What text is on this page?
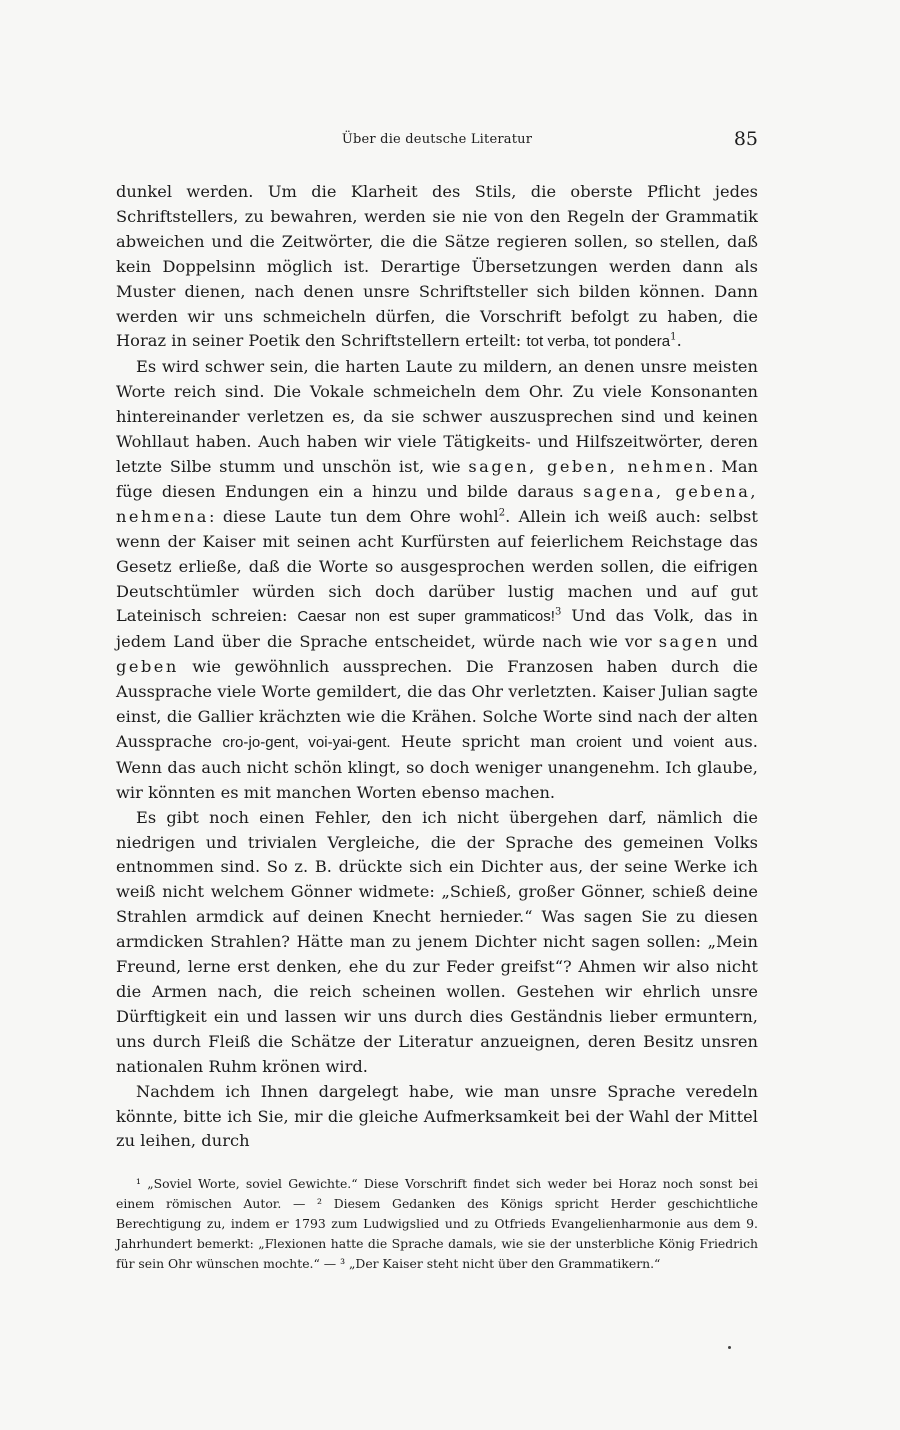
Über die deutsche Literatur	85

dunkel werden. Um die Klarheit des Stils, die oberste Pflicht jedes Schriftstellers, zu bewahren, werden sie nie von den Regeln der Grammatik abweichen und die Zeitwörter, die die Sätze regieren sollen, so stellen, daß kein Doppelsinn möglich ist. Derartige Übersetzungen werden dann als Muster dienen, nach denen unsre Schriftsteller sich bilden können. Dann werden wir uns schmeicheln dürfen, die Vorschrift befolgt zu haben, die Horaz in seiner Poetik den Schriftstellern erteilt: tot verba, tot pondera$^1$.

Es wird schwer sein, die harten Laute zu mildern, an denen unsre meisten Worte reich sind. Die Vokale schmeicheln dem Ohr. Zu viele Konsonanten hintereinander verletzen es, da sie schwer auszusprechen sind und keinen Wohllaut haben. Auch haben wir viele Tätigkeits- und Hilfszeitwörter, deren letzte Silbe stumm und unschön ist, wie sagen, geben, nehmen. Man füge diesen Endungen ein a hinzu und bilde daraus sagena, gebena, nehmena: diese Laute tun dem Ohre wohl$^2$. Allein ich weiß auch: selbst wenn der Kaiser mit seinen acht Kurfürsten auf feierlichem Reichstage das Gesetz erließe, daß die Worte so ausgesprochen werden sollen, die eifrigen Deutschtümler würden sich doch darüber lustig machen und auf gut Lateinisch schreien: Caesar non est super grammaticos!$^3$ Und das Volk, das in jedem Land über die Sprache entscheidet, würde nach wie vor sagen und geben wie gewöhnlich aussprechen. Die Franzosen haben durch die Aussprache viele Worte gemildert, die das Ohr verletzten. Kaiser Julian sagte einst, die Gallier krächzten wie die Krähen. Solche Worte sind nach der alten Aussprache cro-jo-gent, voi-yai-gent. Heute spricht man croient und voient aus. Wenn das auch nicht schön klingt, so doch weniger unangenehm. Ich glaube, wir könnten es mit manchen Worten ebenso machen.

Es gibt noch einen Fehler, den ich nicht übergehen darf, nämlich die niedrigen und trivialen Vergleiche, die der Sprache des gemeinen Volks entnommen sind. So z. B. drückte sich ein Dichter aus, der seine Werke ich weiß nicht welchem Gönner widmete: „Schieß, großer Gönner, schieß deine Strahlen armdick auf deinen Knecht hernieder.“ Was sagen Sie zu diesen armdicken Strahlen? Hätte man zu jenem Dichter nicht sagen sollen: „Mein Freund, lerne erst denken, ehe du zur Feder greifst“? Ahmen wir also nicht die Armen nach, die reich scheinen wollen. Gestehen wir ehrlich unsre Dürftigkeit ein und lassen wir uns durch dies Geständnis lieber ermuntern, uns durch Fleiß die Schätze der Literatur anzueignen, deren Besitz unsren nationalen Ruhm krönen wird.

Nachdem ich Ihnen dargelegt habe, wie man unsre Sprache veredeln könnte, bitte ich Sie, mir die gleiche Aufmerksamkeit bei der Wahl der Mittel zu leihen, durch

¹ „Soviel Worte, soviel Gewichte.“ Diese Vorschrift findet sich weder bei Horaz noch sonst bei einem römischen Autor. — ² Diesem Gedanken des Königs spricht Herder geschichtliche Berechtigung zu, indem er 1793 zum Ludwigslied und zu Otfrieds Evangelienharmonie aus dem 9. Jahrhundert bemerkt: „Flexionen hatte die Sprache damals, wie sie der unsterbliche König Friedrich für sein Ohr wünschen mochte.“ — ³ „Der Kaiser steht nicht über den Grammatikern.“
